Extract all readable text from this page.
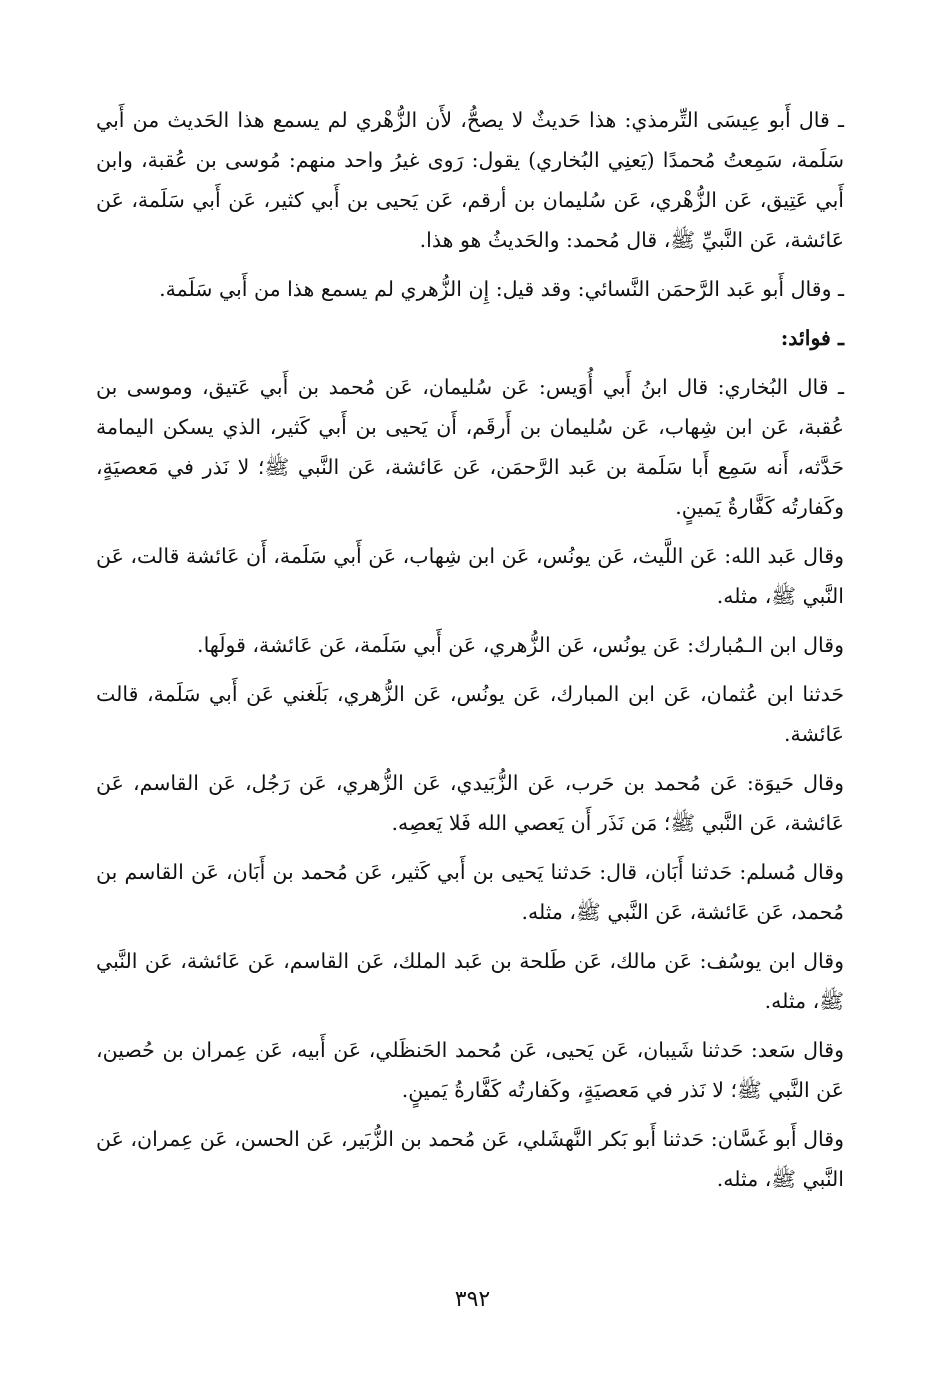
ـ قال أَبو عِيسَى التِّرمذي: هذا حَديثٌ لا يصحُّ، لأَن الزُّهْري لم يسمع هذا الحَديث من أَبي سَلَمة، سَمِعتُ مُحمدًا (يَعنِي البُخاري) يقول: رَوى غيرُ واحد منهم: مُوسى بن عُقبة، وابن أَبي عَتِيق، عَن الزُّهْري، عَن سُليمان بن أرقم، عَن يَحيى بن أَبي كثير، عَن أَبي سَلَمة، عَن عَائشة، عَن النَّبيِّ ﷺ، قال مُحمد: والحَديثُ هو هذا.

ـ وقال أَبو عَبد الرَّحمَن النَّسائي: وقد قيل: إِن الزُّهري لم يسمع هذا من أَبي سَلَمة.

ـ فوائد:

ـ قال البُخاري: قال ابنُ أَبي أُوَيس: عَن سُليمان، عَن مُحمد بن أَبي عَتيق، وموسى بن عُقبة، عَن ابن شِهاب، عَن سُليمان بن أَرقَم، أَن يَحيى بن أَبي كَثير، الذي يسكن اليمامة حَدَّثه، أَنه سَمِع أَبا سَلَمة بن عَبد الرَّحمَن، عَن عَائشة، عَن النَّبي ﷺ؛ لا نَذر في مَعصيَةٍ، وكَفارتُه كَفَّارةُ يَمينٍ.

وقال عَبد الله: عَن اللَّيث، عَن يونُس، عَن ابن شِهاب، عَن أَبي سَلَمة، أَن عَائشة قالت، عَن النَّبي ﷺ، مثله.

وقال ابن الـمُبارك: عَن يونُس، عَن الزُّهري، عَن أَبي سَلَمة، عَن عَائشة، قولَها.

حَدثنا ابن عُثمان، عَن ابن المبارك، عَن يونُس، عَن الزُّهري، بَلَغني عَن أَبي سَلَمة، قالت عَائشة.

وقال حَيوَة: عَن مُحمد بن حَرب، عَن الزُّبَيدي، عَن الزُّهري، عَن رَجُل، عَن القاسم، عَن عَائشة، عَن النَّبي ﷺ؛ مَن نَذَر أَن يَعصي الله فَلا يَعصِه.

وقال مُسلم: حَدثنا أَبَان، قال: حَدثنا يَحيى بن أَبي كَثير، عَن مُحمد بن أَبَان، عَن القاسم بن مُحمد، عَن عَائشة، عَن النَّبي ﷺ، مثله.

وقال ابن يوسُف: عَن مالك، عَن طَلحة بن عَبد الملك، عَن القاسم، عَن عَائشة، عَن النَّبي ﷺ، مثله.

وقال سَعد: حَدثنا شَيبان، عَن يَحيى، عَن مُحمد الحَنظَلي، عَن أَبيه، عَن عِمران بن حُصين، عَن النَّبي ﷺ؛ لا نَذر في مَعصيَةٍ، وكَفارتُه كَفَّارةُ يَمينٍ.

وقال أَبو غَسَّان: حَدثنا أَبو بَكر النَّهشَلي، عَن مُحمد بن الزُّبَير، عَن الحسن، عَن عِمران، عَن النَّبي ﷺ، مثله.

٣٩٢
